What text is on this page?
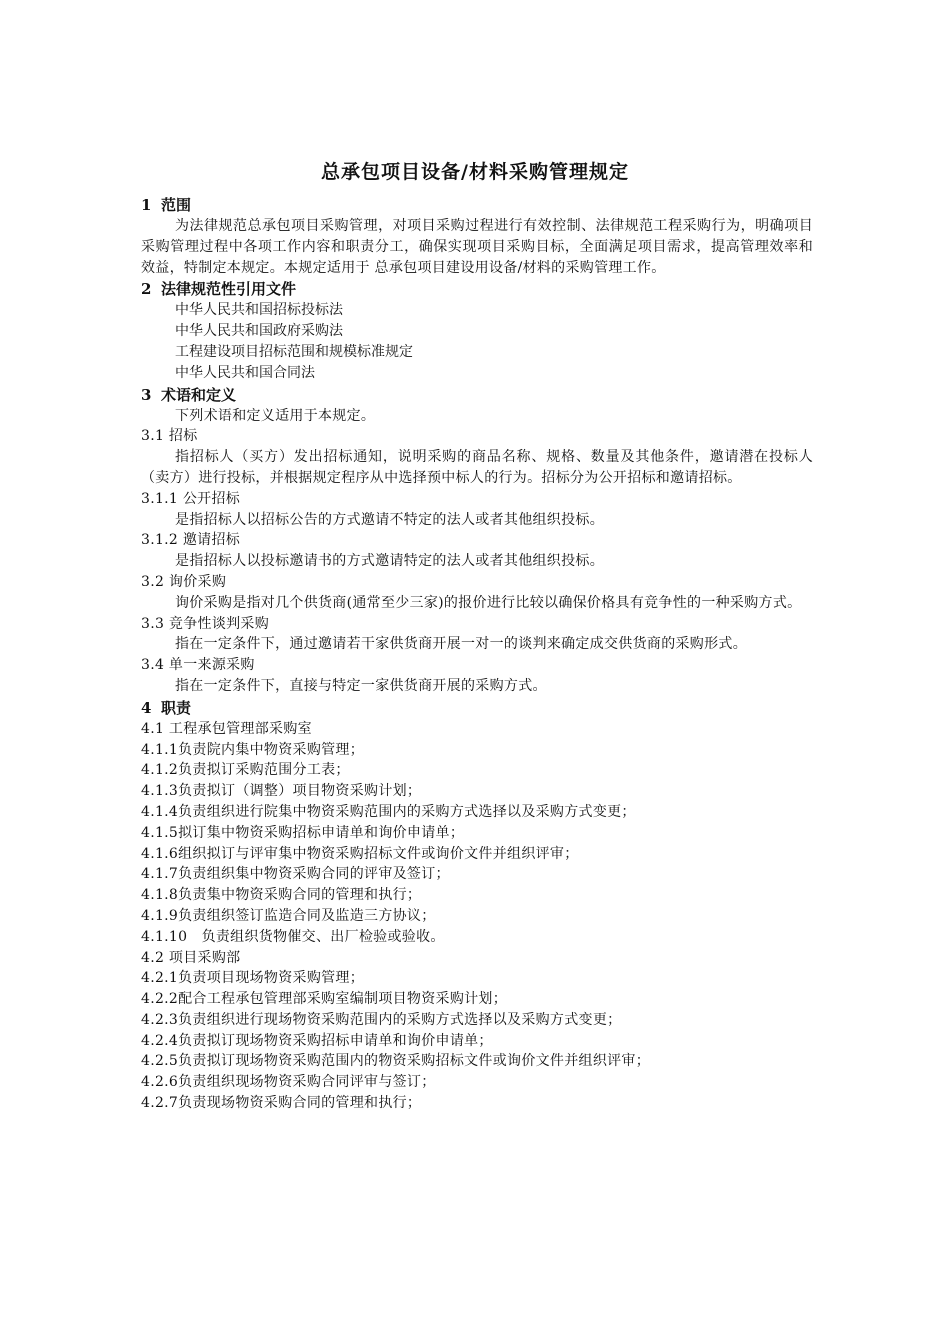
总承包项目设备/材料采购管理规定
1 范围
为法律规范总承包项目采购管理，对项目采购过程进行有效控制、法律规范工程采购行为，明确项目采购管理过程中各项工作内容和职责分工，确保实现项目采购目标，全面满足项目需求，提高管理效率和效益，特制定本规定。本规定适用于 总承包项目建设用设备/材料的采购管理工作。
2 法律规范性引用文件
中华人民共和国招标投标法
中华人民共和国政府采购法
工程建设项目招标范围和规模标准规定
中华人民共和国合同法
3 术语和定义
下列术语和定义适用于本规定。
3.1 招标
指招标人（买方）发出招标通知，说明采购的商品名称、规格、数量及其他条件，邀请潜在投标人（卖方）进行投标，并根据规定程序从中选择预中标人的行为。招标分为公开招标和邀请招标。
3.1.1 公开招标
是指招标人以招标公告的方式邀请不特定的法人或者其他组织投标。
3.1.2 邀请招标
是指招标人以投标邀请书的方式邀请特定的法人或者其他组织投标。
3.2 询价采购
询价采购是指对几个供货商(通常至少三家)的报价进行比较以确保价格具有竞争性的一种采购方式。
3.3 竞争性谈判采购
指在一定条件下，通过邀请若干家供货商开展一对一的谈判来确定成交供货商的采购形式。
3.4 单一来源采购
指在一定条件下，直接与特定一家供货商开展的采购方式。
4 职责
4.1 工程承包管理部采购室
4.1.1负责院内集中物资采购管理；
4.1.2负责拟订采购范围分工表；
4.1.3负责拟订（调整）项目物资采购计划；
4.1.4负责组织进行院集中物资采购范围内的采购方式选择以及采购方式变更；
4.1.5拟订集中物资采购招标申请单和询价申请单；
4.1.6组织拟订与评审集中物资采购招标文件或询价文件并组织评审；
4.1.7负责组织集中物资采购合同的评审及签订；
4.1.8负责集中物资采购合同的管理和执行；
4.1.9负责组织签订监造合同及监造三方协议；
4.1.10   负责组织货物催交、出厂检验或验收。
4.2 项目采购部
4.2.1负责项目现场物资采购管理；
4.2.2配合工程承包管理部采购室编制项目物资采购计划；
4.2.3负责组织进行现场物资采购范围内的采购方式选择以及采购方式变更；
4.2.4负责拟订现场物资采购招标申请单和询价申请单；
4.2.5负责拟订现场物资采购范围内的物资采购招标文件或询价文件并组织评审；
4.2.6负责组织现场物资采购合同评审与签订；
4.2.7负责现场物资采购合同的管理和执行；
